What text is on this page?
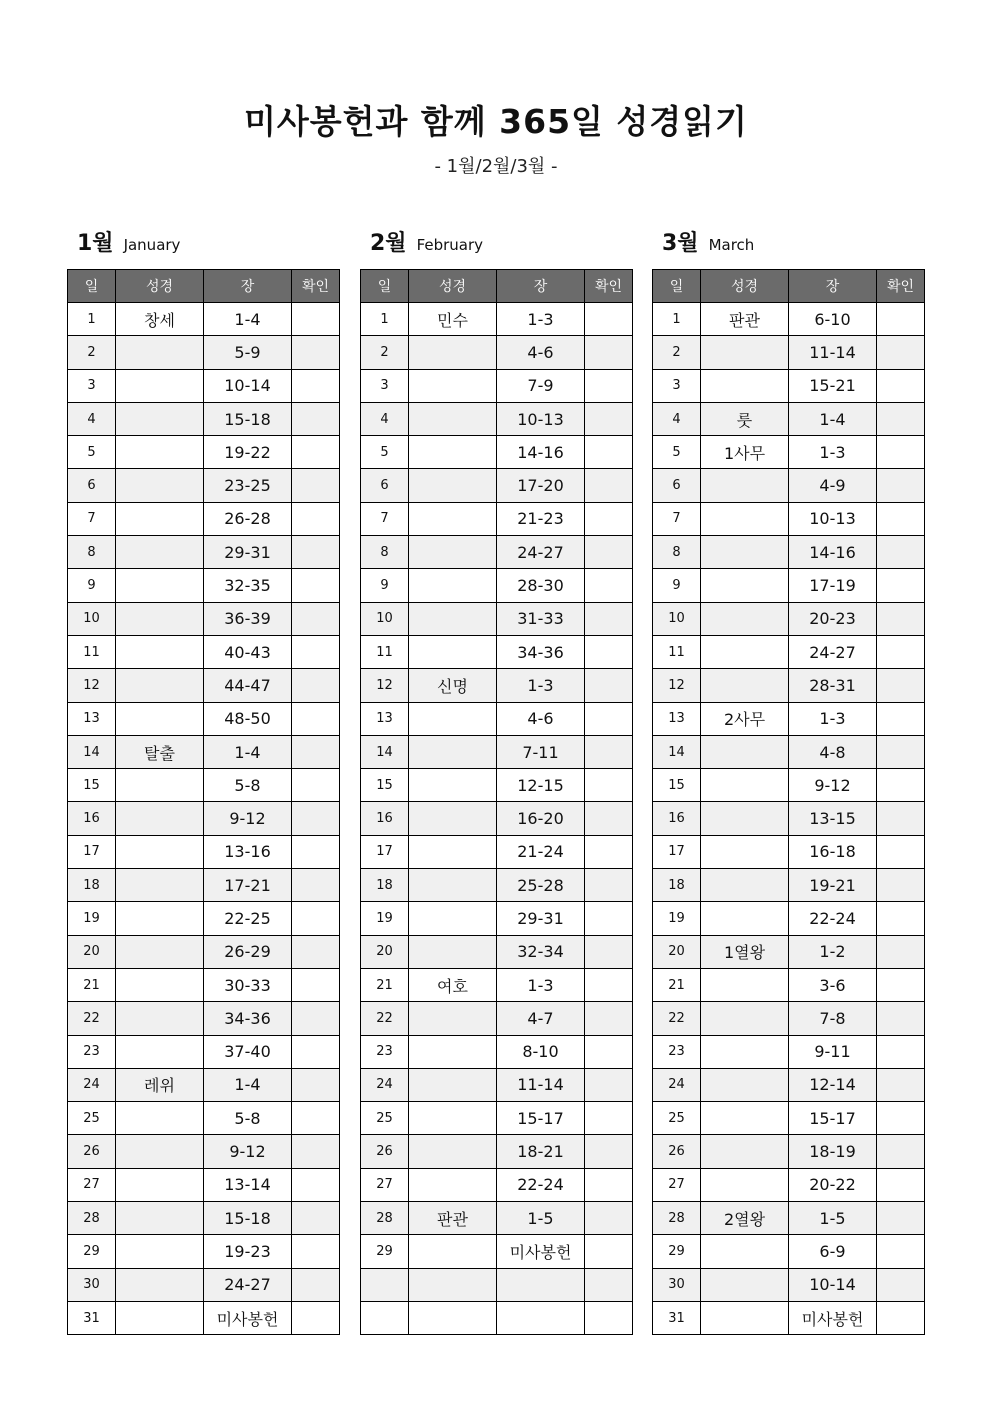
미사봉헌과 함께 365일 성경읽기
- 1월/2월/3월 -
1월 January
일	성경	장	확인
1	창세	1-4	
2		5-9	
3		10-14	
4		15-18	
5		19-22	
6		23-25	
7		26-28	
8		29-31	
9		32-35	
10		36-39	
11		40-43	
12		44-47	
13		48-50	
14	탈출	1-4	
15		5-8	
16		9-12	
17		13-16	
18		17-21	
19		22-25	
20		26-29	
21		30-33	
22		34-36	
23		37-40	
24	레위	1-4	
25		5-8	
26		9-12	
27		13-14	
28		15-18	
29		19-23	
30		24-27	
31		미사봉헌	
2월 February
일	성경	장	확인
1	민수	1-3	
2		4-6	
3		7-9	
4		10-13	
5		14-16	
6		17-20	
7		21-23	
8		24-27	
9		28-30	
10		31-33	
11		34-36	
12	신명	1-3	
13		4-6	
14		7-11	
15		12-15	
16		16-20	
17		21-24	
18		25-28	
19		29-31	
20		32-34	
21	여호	1-3	
22		4-7	
23		8-10	
24		11-14	
25		15-17	
26		18-21	
27		22-24	
28	판관	1-5	
29		미사봉헌	

3월 March
일	성경	장	확인
1	판관	6-10	
2		11-14	
3		15-21	
4	룻	1-4	
5	1사무	1-3	
6		4-9	
7		10-13	
8		14-16	
9		17-19	
10		20-23	
11		24-27	
12		28-31	
13	2사무	1-3	
14		4-8	
15		9-12	
16		13-15	
17		16-18	
18		19-21	
19		22-24	
20	1열왕	1-2	
21		3-6	
22		7-8	
23		9-11	
24		12-14	
25		15-17	
26		18-19	
27		20-22	
28	2열왕	1-5	
29		6-9	
30		10-14	
31		미사봉헌	
